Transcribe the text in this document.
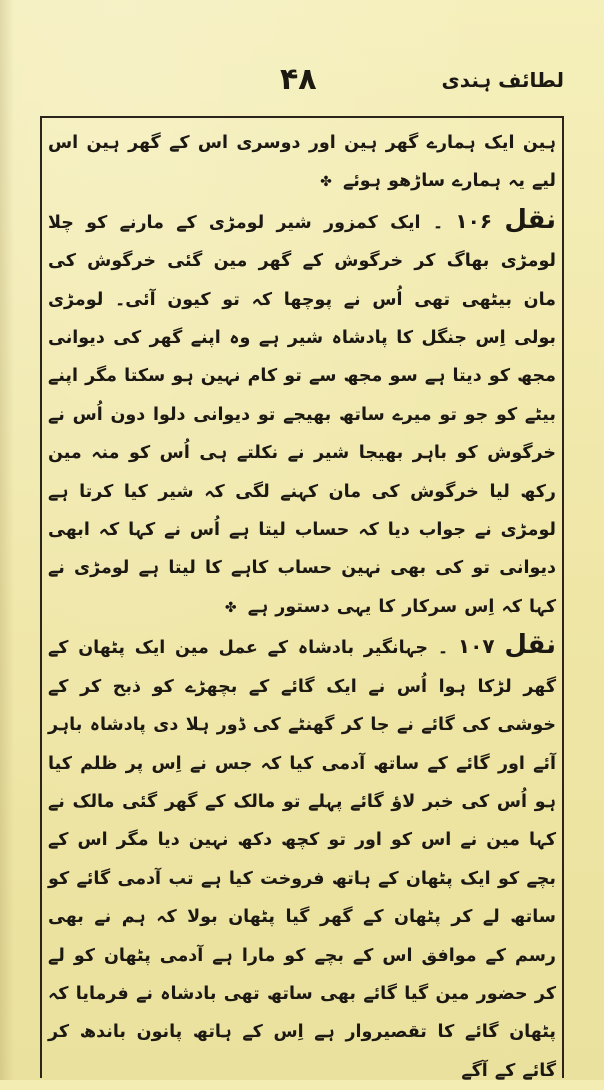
۴۸	لطائف ہندی

ہین ایک ہمارے گھر ہین اور دوسری اس کے گھر ہین اس لیے یہ ہمارے ساڑھو ہوئے ✤

نقل ۱۰۶ ۔ ایک کمزور شیر لومڑی کے مارنے کو چلا لومڑی بھاگ کر خرگوش کے گھر مین گئی خرگوش کی مان بیٹھی تھی اُس نے پوچھا کہ تو کیون آئی۔ لومڑی بولی اِس جنگل کا پادشاہ شیر ہے وہ اپنے گھر کی دیوانی مجھ کو دیتا ہے سو مجھ سے تو کام نہین ہو سکتا مگر اپنے بیٹے کو جو تو میرے ساتھ بھیجے تو دیوانی دلوا دون اُس نے خرگوش کو باہر بھیجا شیر نے نکلتے ہی اُس کو منہ مین رکھ لیا خرگوش کی مان کہنے لگی کہ شیر کیا کرتا ہے لومڑی نے جواب دیا کہ حساب لیتا ہے اُس نے کہا کہ ابھی دیوانی تو کی بھی نہین حساب کاہے کا لیتا ہے لومڑی نے کہا کہ اِس سرکار کا یہی دستور ہے ✤

نقل ۱۰۷ ۔ جہانگیر بادشاہ کے عمل مین ایک پٹھان کے گھر لڑکا ہوا اُس نے ایک گائے کے بچھڑے کو ذبح کر کے خوشی کی گائے نے جا کر گھنٹے کی ڈور ہلا دی پادشاہ باہر آئے اور گائے کے ساتھ آدمی کیا کہ جس نے اِس پر ظلم کیا ہو اُس کی خبر لاؤ گائے پہلے تو مالک کے گھر گئی مالک نے کہا مین نے اس کو اور تو کچھ دکھ نہین دیا مگر اس کے بچے کو ایک پٹھان کے ہاتھ فروخت کیا ہے تب آدمی گائے کو ساتھ لے کر پٹھان کے گھر گیا پٹھان بولا کہ ہم نے بھی رسم کے موافق اس کے بچے کو مارا ہے آدمی پٹھان کو لے کر حضور مین گیا گائے بھی ساتھ تھی بادشاہ نے فرمایا کہ پٹھان گائے کا تقصیروار ہے اِس کے ہاتھ پانون باندھ کر گائے کے آگے
